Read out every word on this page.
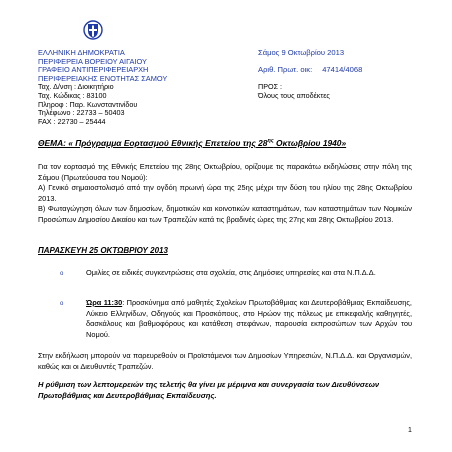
ΕΛΛΗΝΙΚΗ ΔΗΜΟΚΡΑΤΙΑ
ΠΕΡΙΦΕΡΕΙΑ ΒΟΡΕΙΟΥ ΑΙΓΑΙΟΥ
ΓΡΑΦΕΙΟ ΑΝΤΙΠΕΡΙΦΕΡΕΙΑΡΧΗ
ΠΕΡΙΦΕΡΕΙΑΚΗΣ ΕΝΟΤΗΤΑΣ ΣΑΜΟΥ
Σάμος 9 Οκτωβρίου 2013
Αριθ. Πρωτ. οικ: 47414/4068
Ταχ. Δ/νση : Διοικητήριο
Ταχ. Κώδικας : 83100
Πληροφ : Παρ. Κωνσταντινίδου
Τηλέφωνο : 22733 – 50403
FAX : 22730 – 25444
ΠΡΟΣ :
Όλους τους αποδέκτες
ΘΕΜΑ: « Πρόγραμμα Εορτασμού Εθνικής Επετείου της $28^{\eta\varsigma}$ Οκτωβρίου 1940»
Για τον εορτασμό της Εθνικής Επετείου της 28ης Οκτωβρίου, ορίζουμε τις παρακάτω εκδηλώσεις στην πόλη της Σάμου (Πρωτεύουσα του Νομού):
Α) Γενικό σημαιοστολισμό από την ογδόη πρωινή ώρα της 25ης μέχρι την δύση του ηλίου της 28ης Οκτωβρίου 2013.
Β) Φωταγώγηση όλων των δημοσίων, δημοτικών και κοινοτικών καταστημάτων, των καταστημάτων των Νομικών Προσώπων Δημοσίου Δικαίου και των Τραπεζών κατά τις βραδινές ώρες της 27ης και 28ης Οκτωβρίου 2013.
ΠΑΡΑΣΚΕΥΗ 25 ΟΚΤΩΒΡΙΟΥ 2013
o	Ομιλίες σε ειδικές συγκεντρώσεις στα σχολεία, στις Δημόσιες υπηρεσίες και στα Ν.Π.Δ.Δ.
o	Ώρα 11:30: Προσκύνημα από μαθητές Σχολείων Πρωτοβάθμιας και Δευτεροβάθμιας Εκπαίδευσης, Λύκειο Ελληνίδων, Οδηγούς και Προσκόπους, στο Ηρώον της πόλεως με επικεφαλής καθηγητές, δασκάλους και βαθμοφόρους και κατάθεση στεφάνων, παρουσία εκπροσώπων των Αρχών του Νομού.
Στην εκδήλωση μπορούν να παρευρεθούν οι Προϊστάμενοι των Δημοσίων Υπηρεσιών, Ν.Π.Δ.Δ. και Οργανισμών, καθώς και οι Διευθυντές Τραπεζών.
Η ρύθμιση των λεπτομερειών της τελετής θα γίνει με μέριμνα και συνεργασία των Διευθύνσεων Πρωτοβάθμιας και Δευτεροβάθμιας Εκπαίδευσης.
1
